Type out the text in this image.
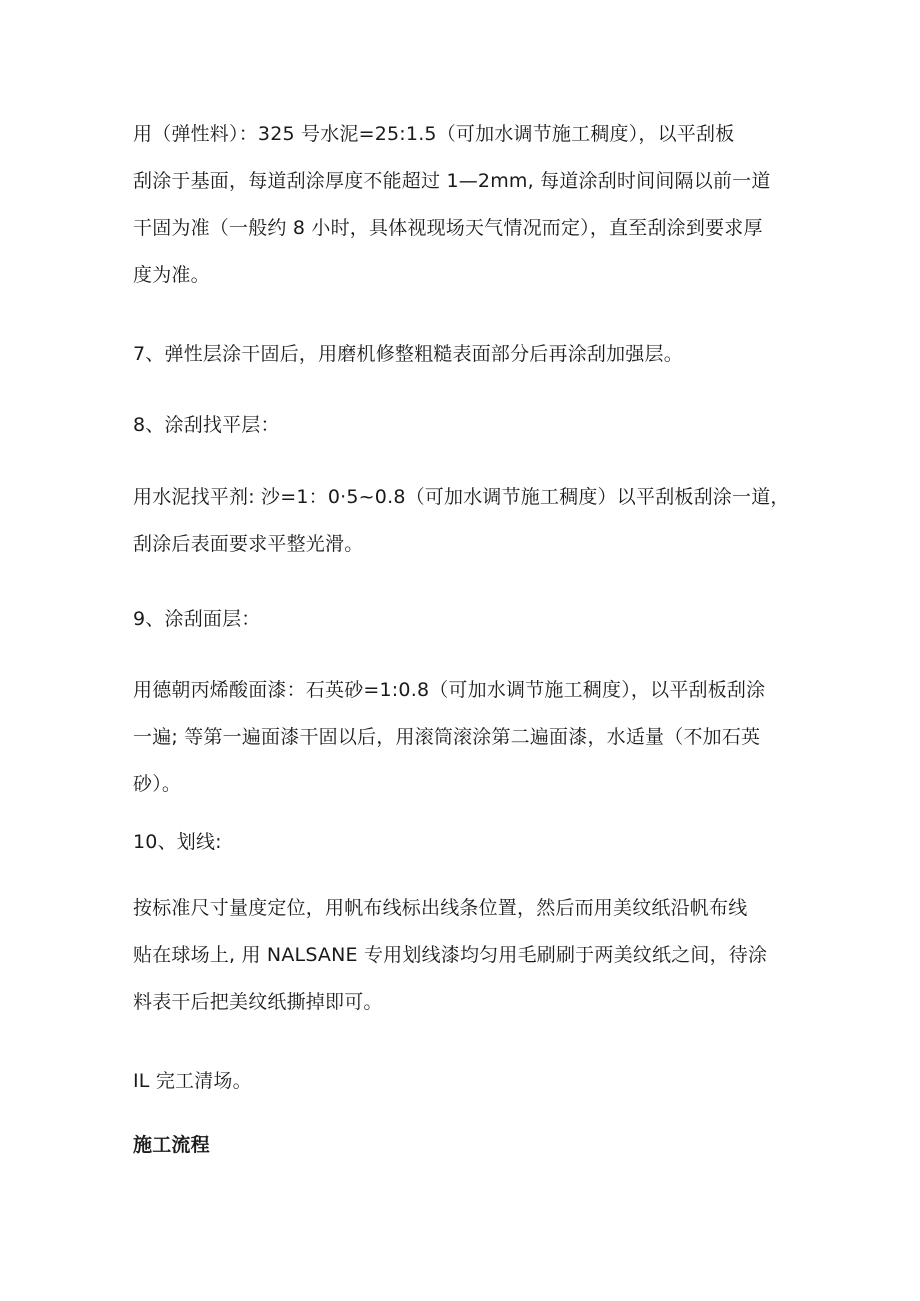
用（弹性料）：325 号水泥=25:1.5（可加水调节施工稠度），以平刮板
刮涂于基面，每道刮涂厚度不能超过 1—2mm, 每道涂刮时间间隔以前一道
干固为准（一般约 8 小时，具体视现场天气情况而定），直至刮涂到要求厚
度为准。

7、弹性层涂干固后，用磨机修整粗糙表面部分后再涂刮加强层。

8、涂刮找平层：

用水泥找平剂: 沙=1：0·5~0.8（可加水调节施工稠度）以平刮板刮涂一道，
刮涂后表面要求平整光滑。

9、涂刮面层：

用德朝丙烯酸面漆：石英砂=1:0.8（可加水调节施工稠度），以平刮板刮涂
一遍; 等第一遍面漆干固以后，用滚筒滚涂第二遍面漆，水适量（不加石英
砂）。

10、划线:

按标准尺寸量度定位，用帆布线标出线条位置，然后而用美纹纸沿帆布线
贴在球场上, 用 NALSANE 专用划线漆均匀用毛刷刷于两美纹纸之间，待涂
料表干后把美纹纸撕掉即可。

IL 完工清场。

施工流程
